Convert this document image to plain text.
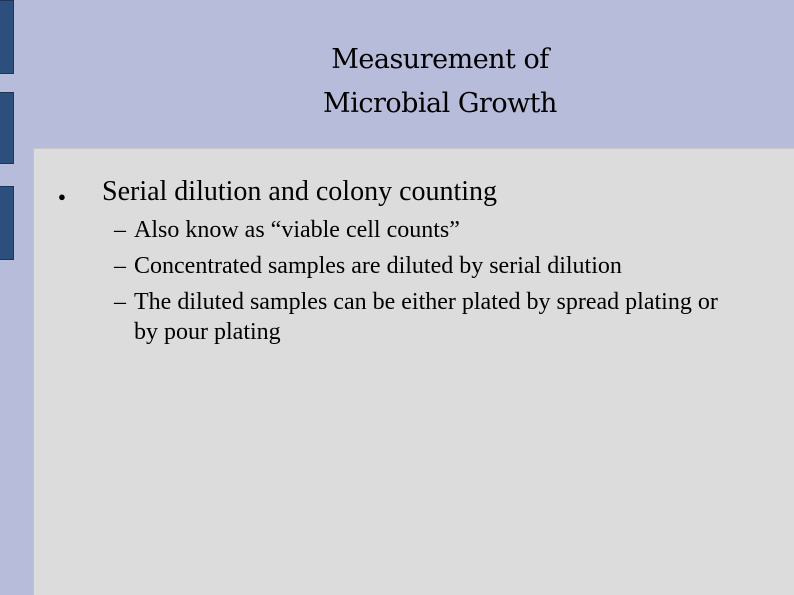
Measurement of
Microbial Growth
● Serial dilution and colony counting
– Also know as “viable cell counts”
– Concentrated samples are diluted by serial dilution
– The diluted samples can be either plated by spread plating or by pour plating
